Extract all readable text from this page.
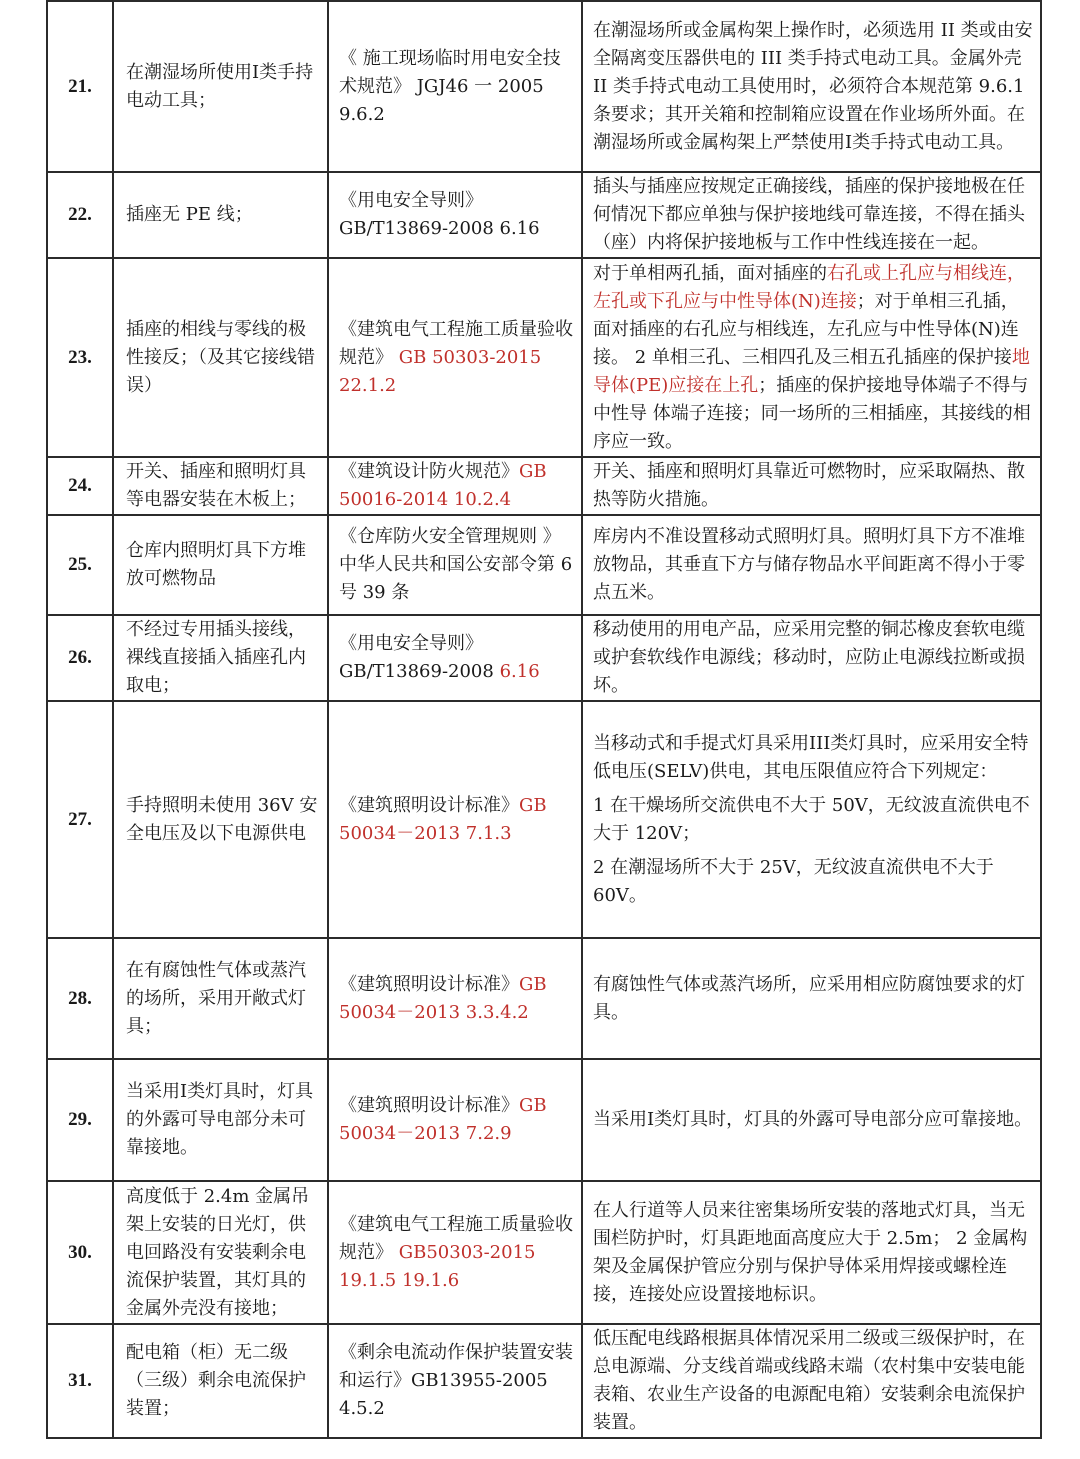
21.	在潮湿场所使用Ⅰ类手持电动工具；	《 施工现场临时用电安全技术规范》 JGJ46 一 2005 9.6.2	在潮湿场所或金属构架上操作时，必须选用 II 类或由安全隔离变压器供电的 III 类手持式电动工具。金属外壳 II 类手持式电动工具使用时，必须符合本规范第 9.6.1 条要求；其开关箱和控制箱应设置在作业场所外面。在潮湿场所或金属构架上严禁使用Ⅰ类手持式电动工具。
22.	插座无 PE 线；	《用电安全导则》 GB/T13869-2008 6.16	插头与插座应按规定正确接线，插座的保护接地极在任何情况下都应单独与保护接地线可靠连接，不得在插头（座）内将保护接地板与工作中性线连接在一起。
23.	插座的相线与零线的极性接反；（及其它接线错误）	《建筑电气工程施工质量验收规范》 GB 50303-2015 22.1.2	对于单相两孔插，面对插座的右孔或上孔应与相线连，左孔或下孔应与中性导体(N)连接；对于单相三孔插，面对插座的右孔应与相线连，左孔应与中性导体(N)连接。 2 单相三孔、三相四孔及三相五孔插座的保护接地导体(PE)应接在上孔；插座的保护接地导体端子不得与中性导 体端子连接；同一场所的三相插座，其接线的相序应一致。
24.	开关、插座和照明灯具等电器安装在木板上；	《建筑设计防火规范》GB 50016-2014 10.2.4	开关、插座和照明灯具靠近可燃物时，应采取隔热、散热等防火措施。
25.	仓库内照明灯具下方堆放可燃物品	《仓库防火安全管理规则 》中华人民共和国公安部令第 6 号 39 条	库房内不准设置移动式照明灯具。照明灯具下方不准堆放物品，其垂直下方与储存物品水平间距离不得小于零点五米。
26.	不经过专用插头接线，裸线直接插入插座孔内取电；	《用电安全导则》 GB/T13869-2008 6.16	移动使用的用电产品，应采用完整的铜芯橡皮套软电缆或护套软线作电源线；移动时，应防止电源线拉断或损坏。
27.	手持照明未使用 36V 安全电压及以下电源供电	《建筑照明设计标准》GB 50034－2013 7.1.3	当移动式和手提式灯具采用III类灯具时，应采用安全特低电压(SELV)供电，其电压限值应符合下列规定：
1 在干燥场所交流供电不大于 50V，无纹波直流供电不大于 120V；
2 在潮湿场所不大于 25V，无纹波直流供电不大于 60V。

28.	在有腐蚀性气体或蒸汽的场所，采用开敞式灯具；	《建筑照明设计标准》GB 50034－2013 3.3.4.2	有腐蚀性气体或蒸汽场所，应采用相应防腐蚀要求的灯具。
29.	当采用Ⅰ类灯具时，灯具的外露可导电部分未可靠接地。	《建筑照明设计标准》GB 50034－2013 7.2.9	当采用Ⅰ类灯具时，灯具的外露可导电部分应可靠接地。
30.	高度低于 2.4m 金属吊架上安装的日光灯，供电回路没有安装剩余电流保护装置，其灯具的金属外壳没有接地；	《建筑电气工程施工质量验收规范》 GB50303-2015 19.1.5 19.1.6	在人行道等人员来往密集场所安装的落地式灯具，当无围栏防护时，灯具距地面高度应大于 2.5m； 2 金属构架及金属保护管应分别与保护导体采用焊接或螺栓连接，连接处应设置接地标识。
31.	配电箱（柜）无二级（三级）剩余电流保护装置；	《剩余电流动作保护装置安装和运行》GB13955-2005 4.5.2	低压配电线路根据具体情况采用二级或三级保护时，在总电源端、分支线首端或线路末端（农村集中安装电能表箱、农业生产设备的电源配电箱）安装剩余电流保护装置。
